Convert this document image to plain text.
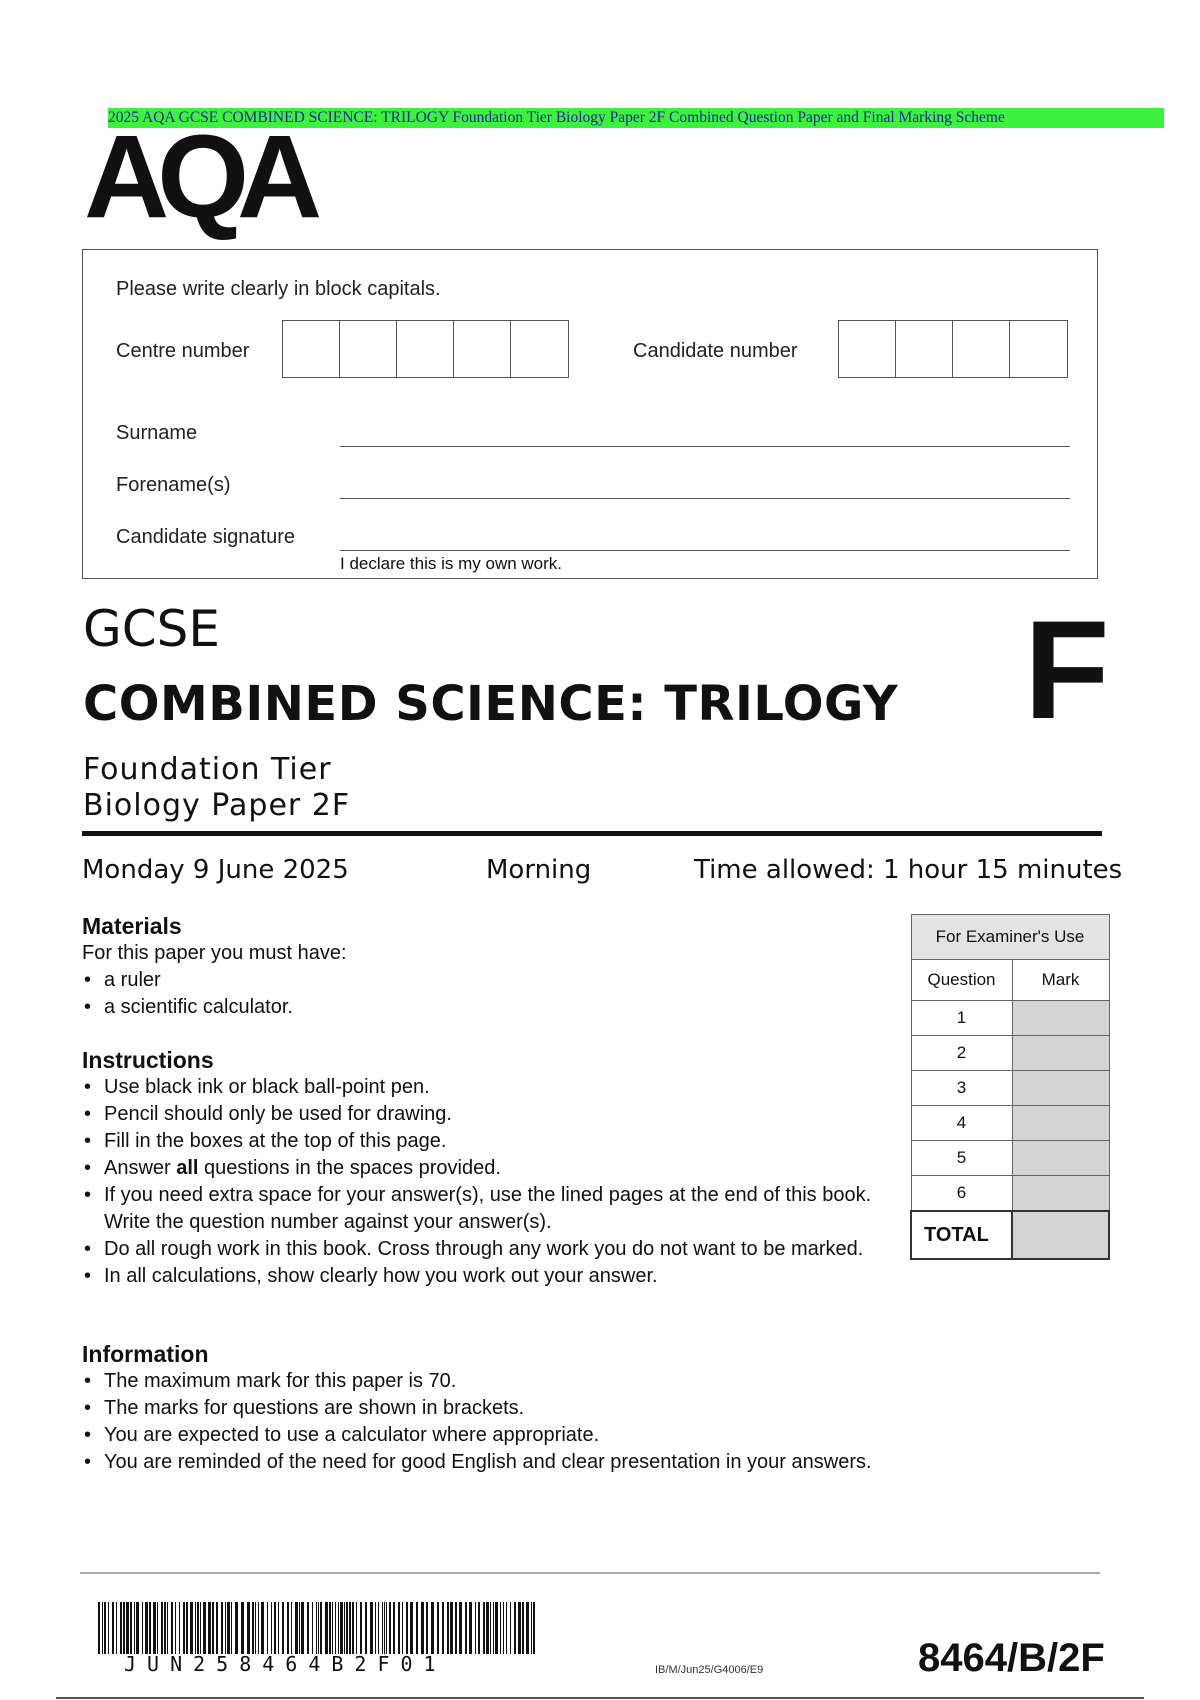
2025 AQA GCSE COMBINED SCIENCE: TRILOGY Foundation Tier Biology Paper 2F Combined Question Paper and Final Marking Scheme
AQA
Please write clearly in block capitals.
Centre number	Candidate number
Surname
Forename(s)
Candidate signature
I declare this is my own work.
GCSE
COMBINED SCIENCE: TRILOGY F
Foundation Tier
Biology Paper 2F
Monday 9 June 2025	Morning	Time allowed: 1 hour 15 minutes
Materials

For this paper you must have:

• a ruler
• a scientific calculator.
Instructions
• Use black ink or black ball-point pen.
• Pencil should only be used for drawing.
• Fill in the boxes at the top of this page.
• Answer all questions in the spaces provided.
• If you need extra space for your answer(s), use the lined pages at the end of this book. Write the question number against your answer(s).
• Do all rough work in this book. Cross through any work you do not want to be marked.
• In all calculations, show clearly how you work out your answer.
Information
• The maximum mark for this paper is 70.
• The marks for questions are shown in brackets.
• You are expected to use a calculator where appropriate.
• You are reminded of the need for good English and clear presentation in your answers.
For Examiner's Use	
Question	Mark
1	
2	
3	
4	
5	
6	
TOTAL	
JUN258464B2F01	IB/M/Jun25/G4006/E9	8464/B/2F
